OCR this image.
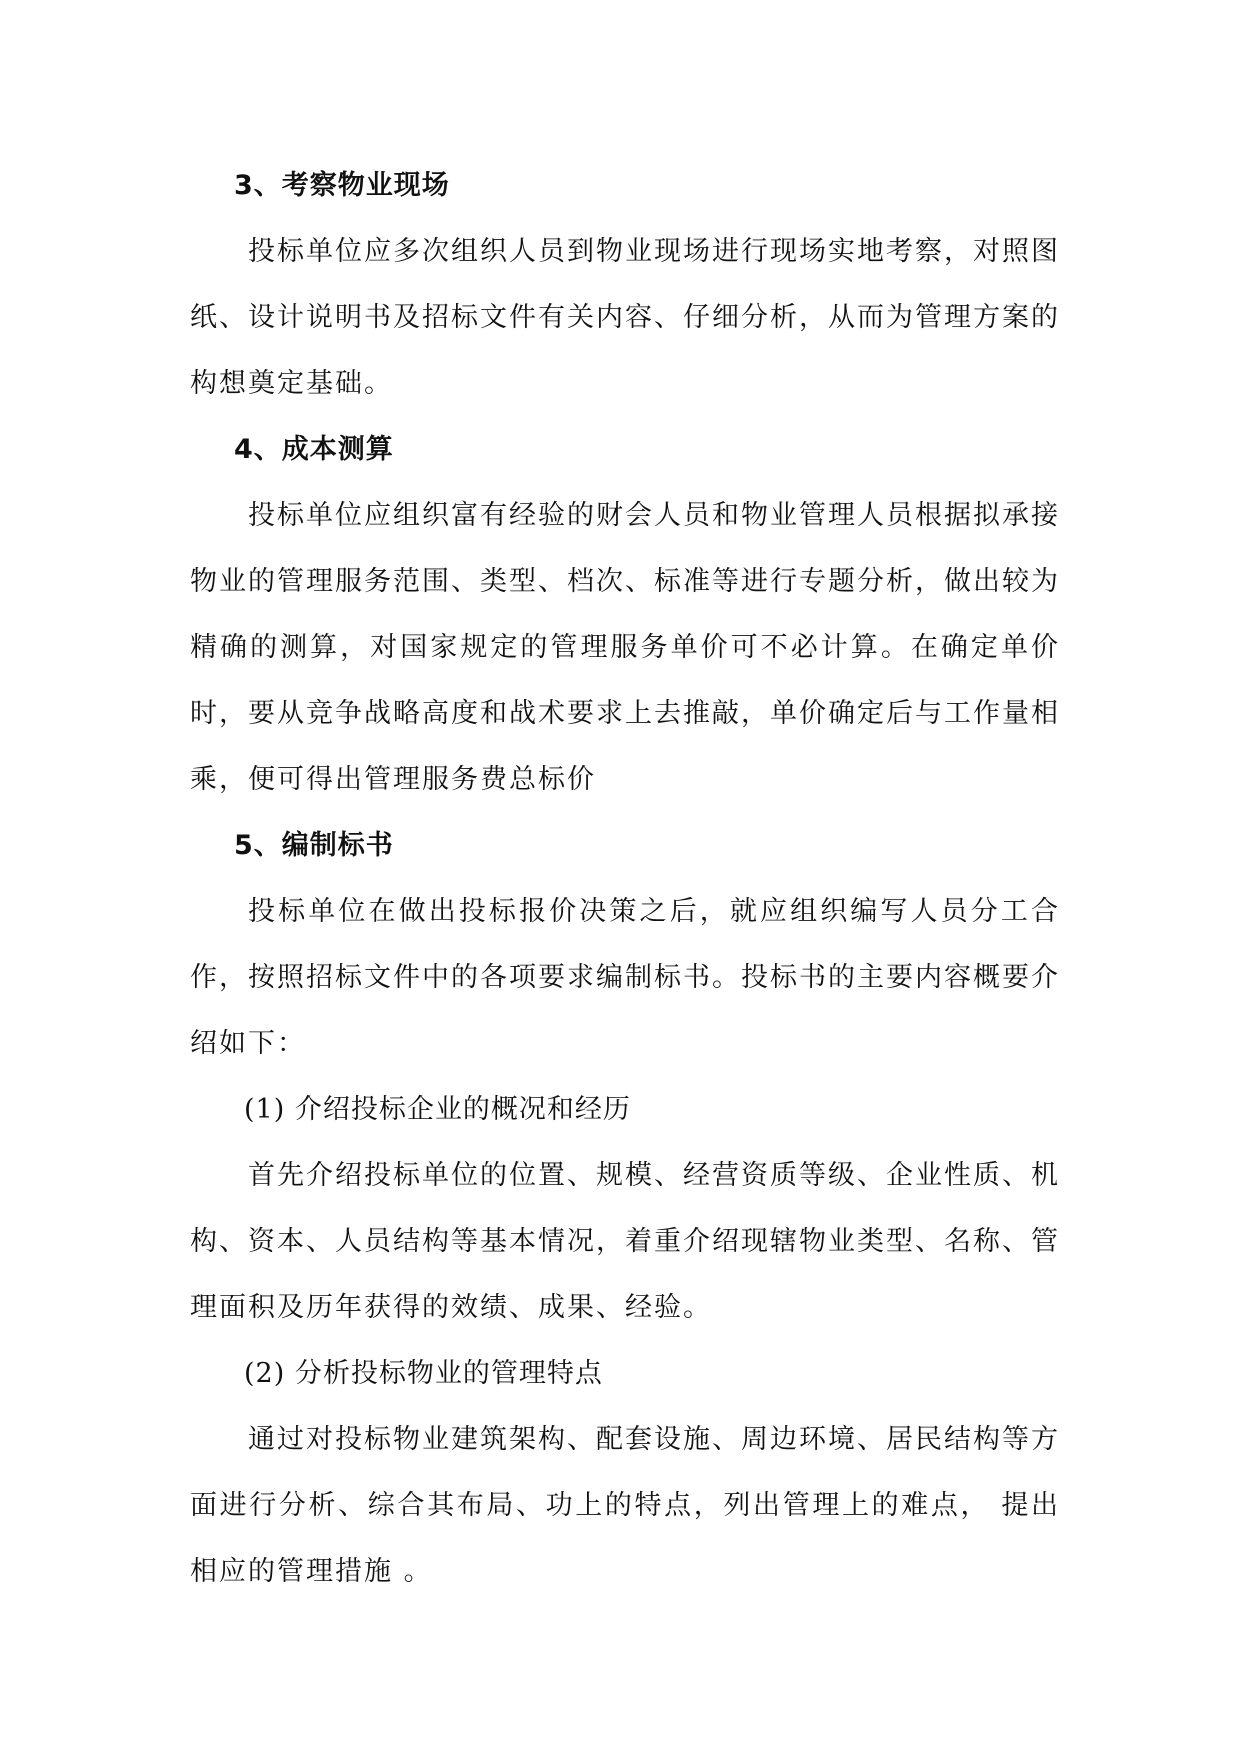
3、考察物业现场

投标单位应多次组织人员到物业现场进行现场实地考察，对照图纸、设计说明书及招标文件有关内容、仔细分析，从而为管理方案的构想奠定基础。

4、成本测算

投标单位应组织富有经验的财会人员和物业管理人员根据拟承接物业的管理服务范围、类型、档次、标准等进行专题分析，做出较为精确的测算，对国家规定的管理服务单价可不必计算。在确定单价时，要从竞争战略高度和战术要求上去推敲，单价确定后与工作量相乘，便可得出管理服务费总标价

5、编制标书

投标单位在做出投标报价决策之后，就应组织编写人员分工合作，按照招标文件中的各项要求编制标书。投标书的主要内容概要介绍如下：

(1) 介绍投标企业的概况和经历

首先介绍投标单位的位置、规模、经营资质等级、企业性质、机构、资本、人员结构等基本情况，着重介绍现辖物业类型、名称、管理面积及历年获得的效绩、成果、经验。

(2) 分析投标物业的管理特点

通过对投标物业建筑架构、配套设施、周边环境、居民结构等方面进行分析、综合其布局、功上的特点，列出管理上的难点， 提出相应的管理措施 。
